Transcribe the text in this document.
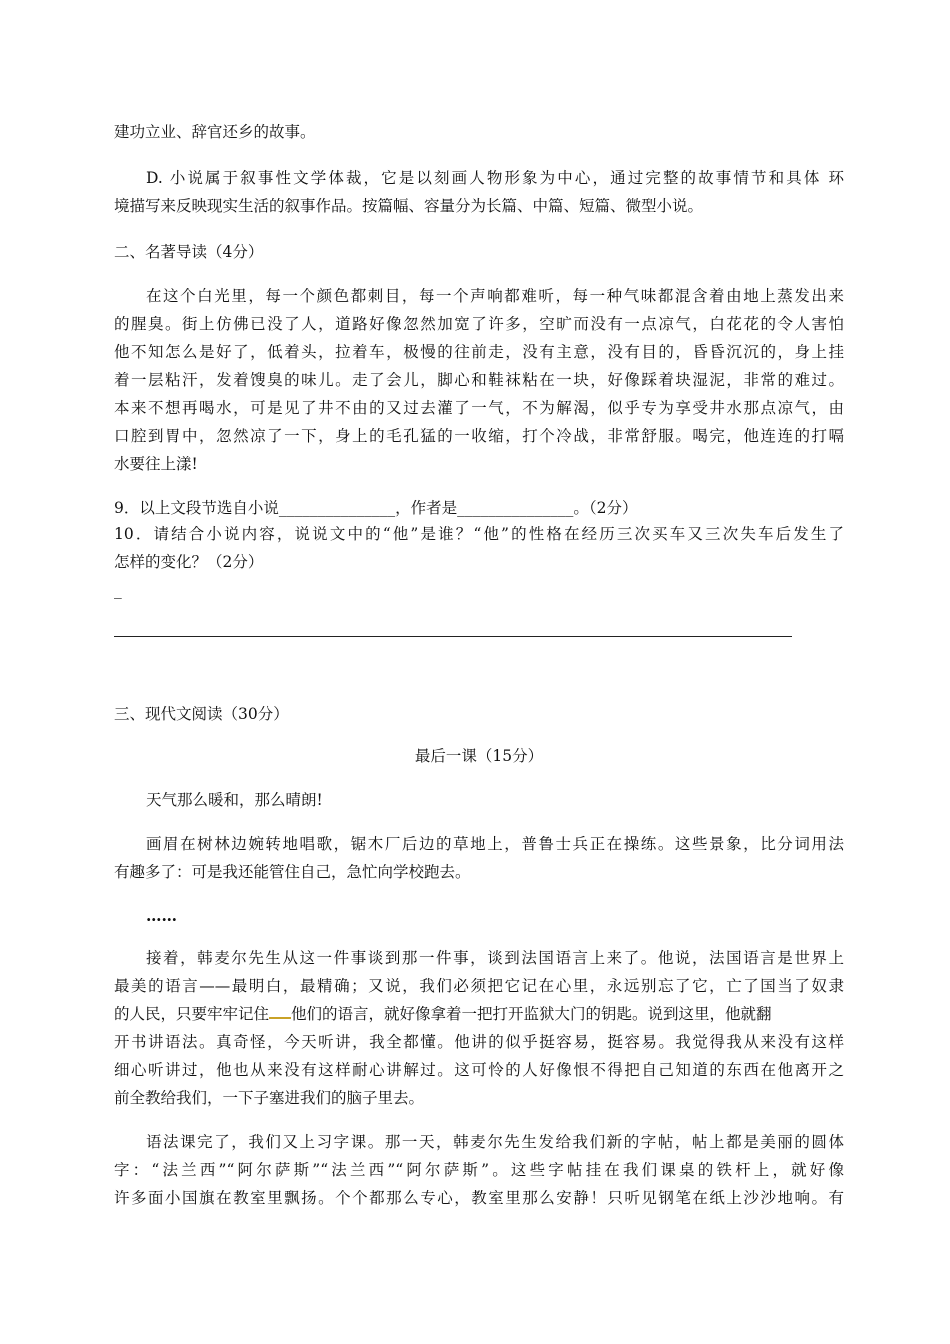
建功立业、辞官还乡的故事。
D. 小说属于叙事性文学体裁，它是以刻画人物形象为中心，通过完整的故事情节和具体 环
境描写来反映现实生活的叙事作品。按篇幅、容量分为长篇、中篇、短篇、微型小说。
二、名著导读（4分）
在这个白光里，每一个颜色都刺目，每一个声响都难听，每一种气味都混含着由地上蒸发出来
的腥臭。街上仿佛已没了人，道路好像忽然加宽了许多，空旷而没有一点凉气，白花花的令人害怕
他不知怎么是好了，低着头，拉着车，极慢的往前走，没有主意，没有目的，昏昏沉沉的，身上挂
着一层粘汗，发着馊臭的味儿。走了会儿，脚心和鞋袜粘在一块，好像踩着块湿泥，非常的难过。
本来不想再喝水，可是见了井不由的又过去灌了一气，不为解渴，似乎专为享受井水那点凉气，由
口腔到胃中，忽然凉了一下，身上的毛孔猛的一收缩，打个冷战，非常舒服。喝完，他连连的打嗝
水要往上漾!
9．以上文段节选自小说_______________，作者是_______________。（2分）
10．请结合小说内容，说说文中的“他”是谁？“他”的性格在经历三次买车又三次失车后发生了
怎样的变化？（2分）
_
三、现代文阅读（30分）
最后一课（15分）
天气那么暖和，那么晴朗!
画眉在树林边婉转地唱歌，锯木厂后边的草地上，普鲁士兵正在操练。这些景象，比分词用法
有趣多了：可是我还能管住自己，急忙向学校跑去。
……
接着，韩麦尔先生从这一件事谈到那一件事，谈到法国语言上来了。他说，法国语言是世界上
最美的语言——最明白，最精确；又说，我们必须把它记在心里，永远别忘了它，亡了国当了奴隶
的人民，只要牢牢记住 他们的语言，就好像拿着一把打开监狱大门的钥匙。说到这里，他就翻
开书讲语法。真奇怪，今天听讲，我全都懂。他讲的似乎挺容易，挺容易。我觉得我从来没有这样
细心听讲过，他也从来没有这样耐心讲解过。这可怜的人好像恨不得把自己知道的东西在他离开之
前全教给我们，一下子塞进我们的脑子里去。
语法课完了，我们又上习字课。那一天，韩麦尔先生发给我们新的字帖，帖上都是美丽的圆体
字：“法兰西”“阿尔萨斯”“法兰西”“阿尔萨斯”。这些字帖挂在我们课桌的铁杆上，就好像
许多面小国旗在教室里飘扬。个个都那么专心，教室里那么安静！只听见钢笔在纸上沙沙地响。有
